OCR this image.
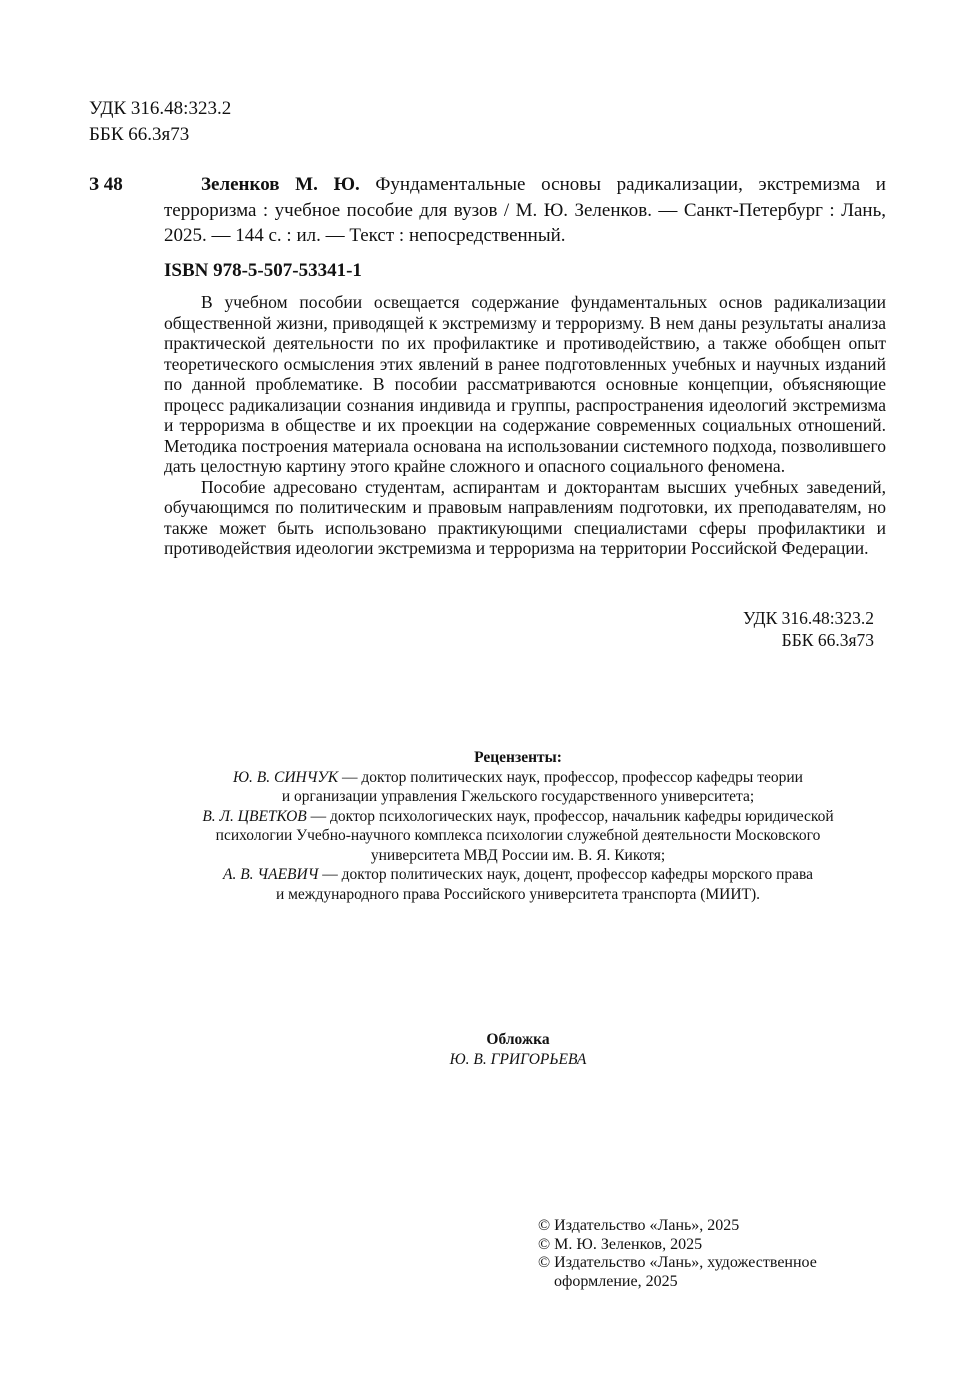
УДК 316.48:323.2
ББК 66.3я73
З 48	Зеленков М. Ю. Фундаментальные основы радикализации, экстремизма и терроризма : учебное пособие для вузов / М. Ю. Зеленков. — Санкт-Петербург : Лань, 2025. — 144 с. : ил. — Текст : непосредственный.
ISBN 978-5-507-53341-1

В учебном пособии освещается содержание фундаментальных основ радикализации общественной жизни, приводящей к экстремизму и терроризму. В нем даны результаты анализа практической деятельности по их профилактике и противодействию, а также обобщен опыт теоретического осмысления этих явлений в ранее подготовленных учебных и научных изданий по данной проблематике. В пособии рассматриваются основные концепции, объясняющие процесс радикализации сознания индивида и группы, распространения идеологий экстремизма и терроризма в обществе и их проекции на содержание современных социальных отношений. Методика построения материала основана на использовании системного подхода, позволившего дать целостную картину этого крайне сложного и опасного социального феномена.

Пособие адресовано студентам, аспирантам и докторантам высших учебных заведений, обучающимся по политическим и правовым направлениям подготовки, их преподавателям, но также может быть использовано практикующими специалистами сферы профилактики и противодействия идеологии экстремизма и терроризма на территории Российской Федерации.

УДК 316.48:323.2
ББК 66.3я73
Рецензенты:
Ю. В. СИНЧУК — доктор политических наук, профессор, профессор кафедры теории
и организации управления Гжельского государственного университета;
В. Л. ЦВЕТКОВ — доктор психологических наук, профессор, начальник кафедры юридической
психологии Учебно-научного комплекса психологии служебной деятельности Московского
университета МВД России им. В. Я. Кикотя;
А. В. ЧАЕВИЧ — доктор политических наук, доцент, профессор кафедры морского права
и международного права Российского университета транспорта (МИИТ).
Обложка
Ю. В. ГРИГОРЬЕВА
© Издательство «Лань», 2025
© М. Ю. Зеленков, 2025
© Издательство «Лань», художественное оформление, 2025
